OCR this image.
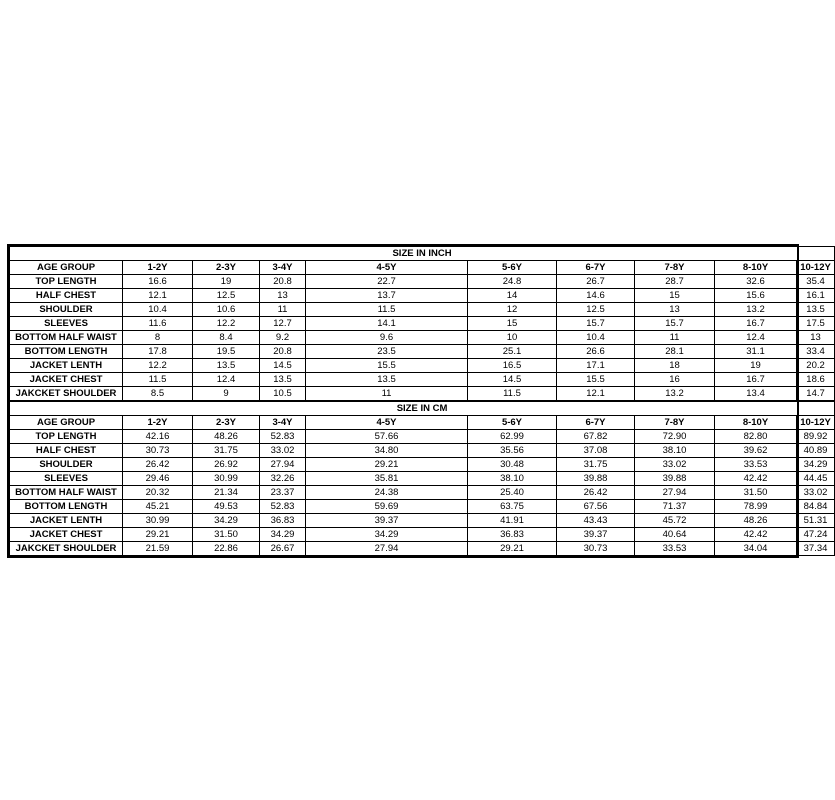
SIZE IN INCH									
AGE GROUP	1-2Y	2-3Y	3-4Y	4-5Y	5-6Y	6-7Y	7-8Y	8-10Y	10-12Y
TOP LENGTH	16.6	19	20.8	22.7	24.8	26.7	28.7	32.6	35.4
HALF CHEST	12.1	12.5	13	13.7	14	14.6	15	15.6	16.1
SHOULDER	10.4	10.6	11	11.5	12	12.5	13	13.2	13.5
SLEEVES	11.6	12.2	12.7	14.1	15	15.7	15.7	16.7	17.5
BOTTOM HALF WAIST	8	8.4	9.2	9.6	10	10.4	11	12.4	13
BOTTOM LENGTH	17.8	19.5	20.8	23.5	25.1	26.6	28.1	31.1	33.4
JACKET LENTH	12.2	13.5	14.5	15.5	16.5	17.1	18	19	20.2
JACKET CHEST	11.5	12.4	13.5	13.5	14.5	15.5	16	16.7	18.6
JAKCKET SHOULDER	8.5	9	10.5	11	11.5	12.1	13.2	13.4	14.7
SIZE IN CM									
AGE GROUP	1-2Y	2-3Y	3-4Y	4-5Y	5-6Y	6-7Y	7-8Y	8-10Y	10-12Y
TOP LENGTH	42.16	48.26	52.83	57.66	62.99	67.82	72.90	82.80	89.92
HALF CHEST	30.73	31.75	33.02	34.80	35.56	37.08	38.10	39.62	40.89
SHOULDER	26.42	26.92	27.94	29.21	30.48	31.75	33.02	33.53	34.29
SLEEVES	29.46	30.99	32.26	35.81	38.10	39.88	39.88	42.42	44.45
BOTTOM HALF WAIST	20.32	21.34	23.37	24.38	25.40	26.42	27.94	31.50	33.02
BOTTOM LENGTH	45.21	49.53	52.83	59.69	63.75	67.56	71.37	78.99	84.84
JACKET LENTH	30.99	34.29	36.83	39.37	41.91	43.43	45.72	48.26	51.31
JACKET CHEST	29.21	31.50	34.29	34.29	36.83	39.37	40.64	42.42	47.24
JAKCKET SHOULDER	21.59	22.86	26.67	27.94	29.21	30.73	33.53	34.04	37.34
